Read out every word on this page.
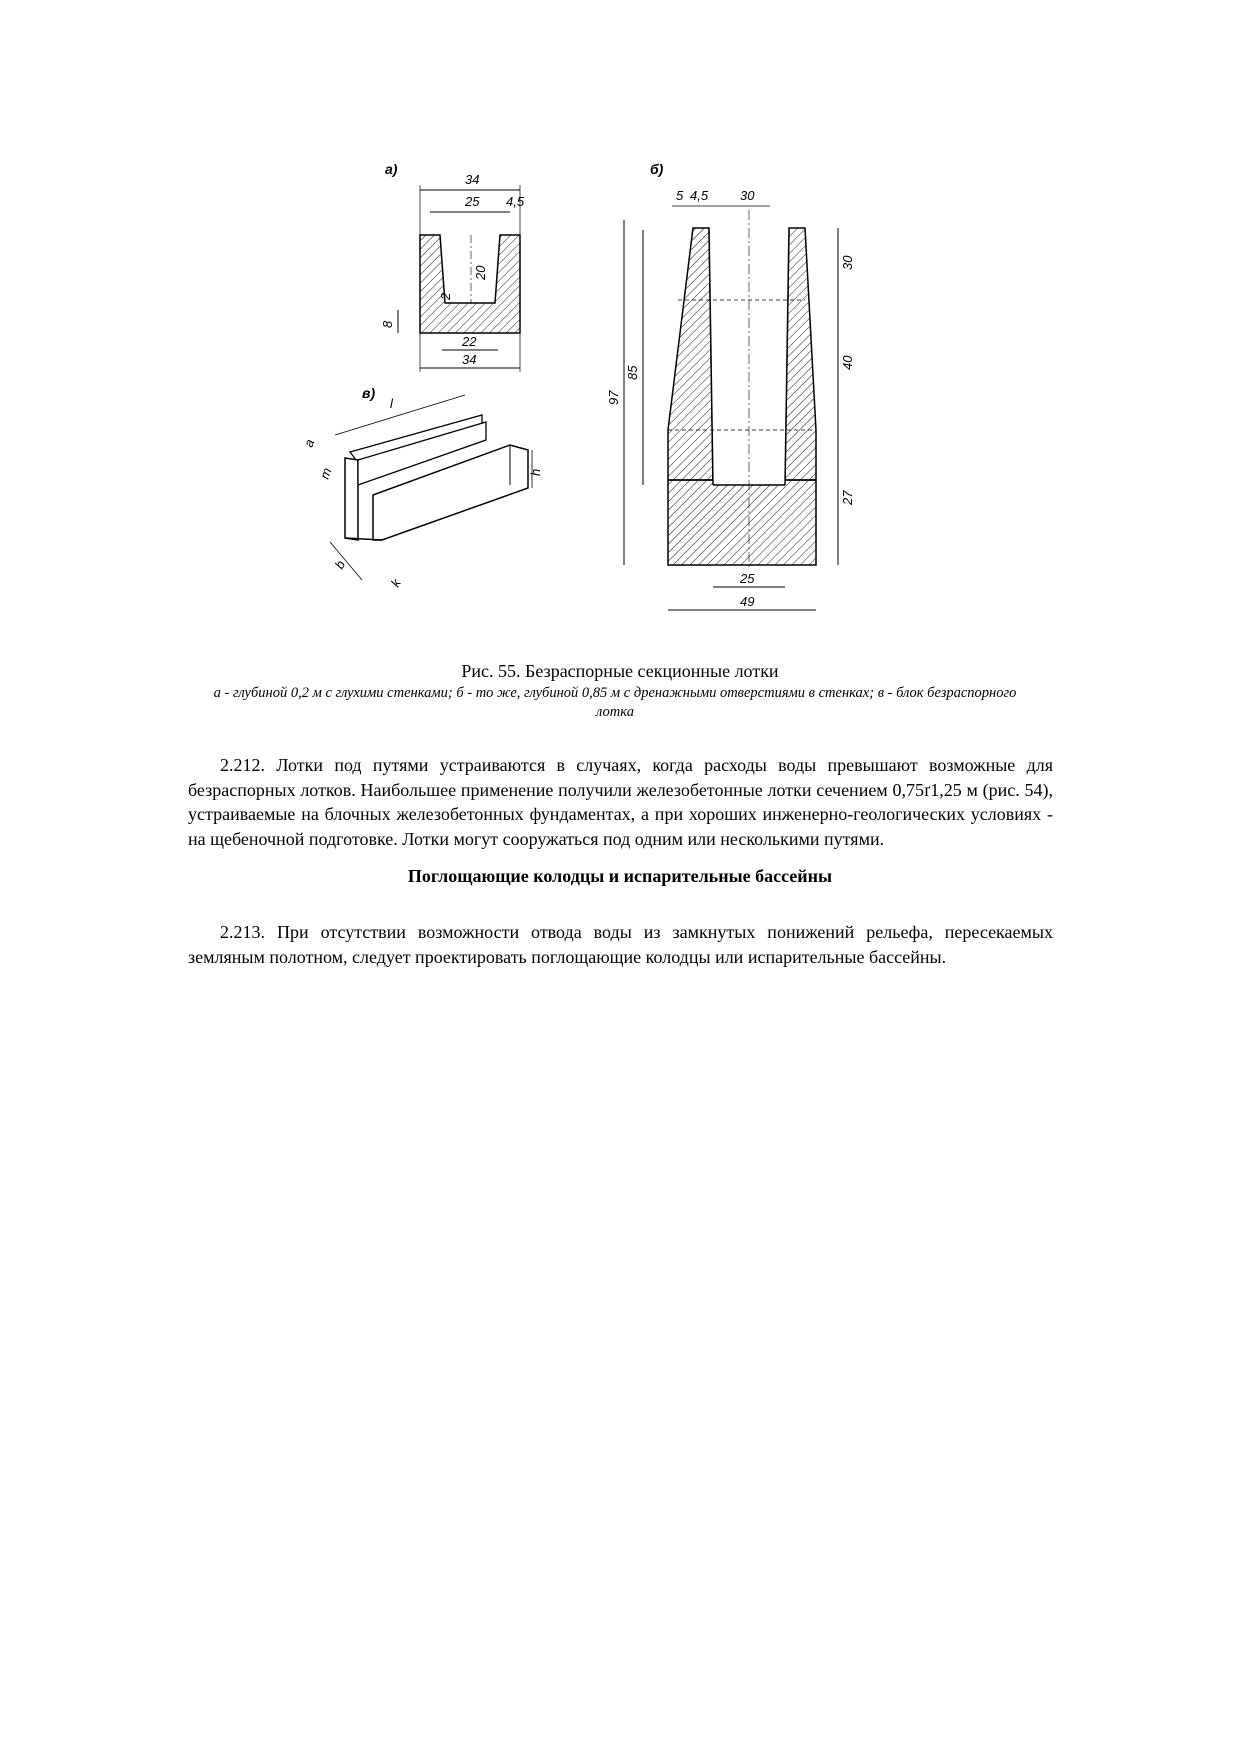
а)
34
25 4,5
20
2
8
22
34
б)
5 4,5 30
97
85
30
40
27
25
49
в)
l
a
m	h
b
k
Рис. 55. Безраспорные секционные лотки
а - глубиной 0,2 м с глухими стенками; б - то же, глубиной 0,85 м с дренажными отверстиями в стенках; в - блок безраспорного лотка

2.212. Лотки под путями устраиваются в случаях, когда расходы воды превышают возможные для безраспорных лотков. Наибольшее применение получили железобетонные лотки сечением 0,75ґ1,25 м (рис. 54), устраиваемые на блочных железобетонных фундаментах, а при хороших инженерно-геологических условиях - на щебеночной подготовке. Лотки могут сооружаться под одним или несколькими путями.

Поглощающие колодцы и испарительные бассейны

2.213. При отсутствии возможности отвода воды из замкнутых понижений рельефа, пересекаемых земляным полотном, следует проектировать поглощающие колодцы или испарительные бассейны.
